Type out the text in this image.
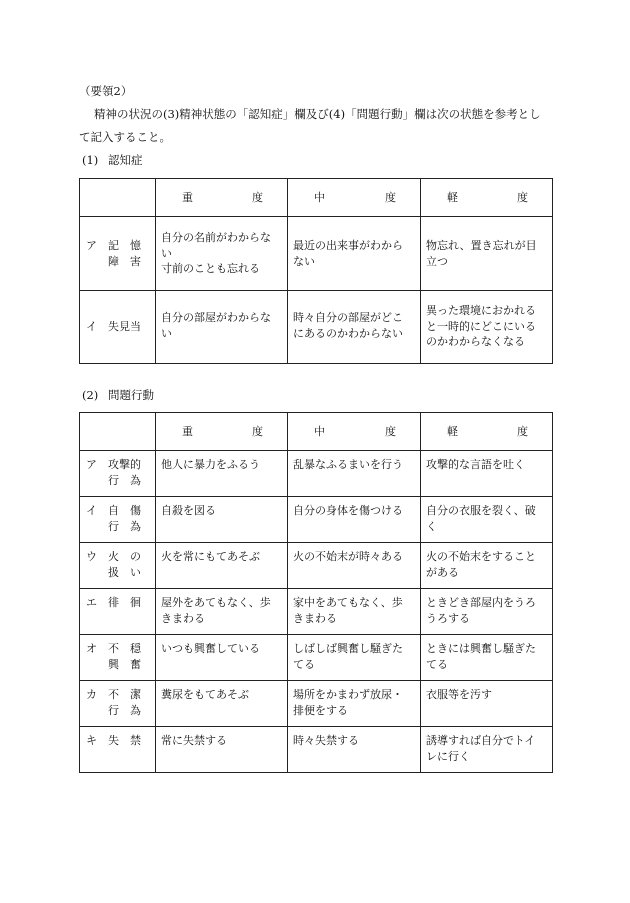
（要領2）
精神の状況の(3)精神状態の「認知症」欄及び(4)「問題行動」欄は次の状態を参考とし
て記入すること。
(1) 認知症

	重 度	中 度	軽 度

ア 記　憶
障　害	自分の名前がわからな
い
寸前のことも忘れる	最近の出来事がわから
ない	物忘れ、置き忘れが目
立つ

イ 失見当	自分の部屋がわからな
い	時々自分の部屋がどこ
にあるのかわからない	異った環境におかれる
と一時的にどこにいる
のかわからなくなる
(2) 問題行動

	重 度	中 度	軽 度

ア 攻撃的
行　為	他人に暴力をふるう	乱暴なふるまいを行う	攻撃的な言語を吐く

イ 自　傷
行　為	自殺を図る	自分の身体を傷つける	自分の衣服を裂く、破
く

ウ 火　の
扱　い	火を常にもてあそぶ	火の不始末が時々ある	火の不始末をすること
がある

エ 徘　徊	屋外をあてもなく、歩
きまわる	家中をあてもなく、歩
きまわる	ときどき部屋内をうろ
うろする

オ 不　穏
興　奮	いつも興奮している	しばしば興奮し騒ぎた
てる	ときには興奮し騒ぎた
てる

カ 不　潔
行　為	糞尿をもてあそぶ	場所をかまわず放尿・
排便をする	衣服等を汚す

キ 失　禁	常に失禁する	時々失禁する	誘導すれば自分でトイ
レに行く
